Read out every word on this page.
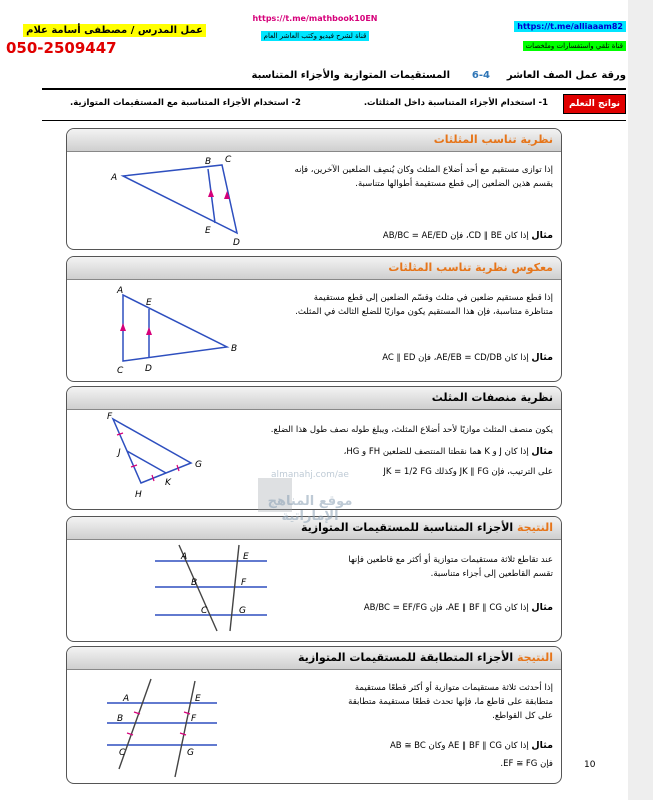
عمل المدرس / مصطفى أسامة علام
050-2509447
https://t.me/mathbook10EN
قناة لشرح فيديو وكتب العاشر العام
https://t.me/alliaaam82 قناة تلقي واستفسارات وملخصات
ورقة عمل الصف العاشر
6-4
المستقيمات المتوازية والأجزاء المتناسبة
نواتج التعلم
1- استخدام الأجزاء المتناسبة داخل المثلثات.
2- استخدام الأجزاء المتناسبة مع المستقيمات المتوازية.
نظرية تناسب المثلثات
إذا توازى مستقيم مع أحد أضلاع المثلث وكان يُنصِف الضلعين الآخرين، فإنه يقسم هذين الضلعين إلى قطع مستقيمة أطوالها متناسبة.
مثال إذا كان CD ∥ BE، فإن AB/BC = AE/ED
A
B C
E
D
معكوس نظرية تناسب المثلثات
إذا قطع مستقيم ضلعين في مثلث وقسّم الضلعين إلى قطع مستقيمة متناظرة متناسبة، فإن هذا المستقيم يكون موازيًا للضلع الثالث في المثلث.
مثال إذا كان AE/EB = CD/DB، فإن AC ∥ ED
A
E
C D
B
نظرية منصفات المثلث
يكون منصف المثلث موازيًا لأحد أضلاع المثلث، ويبلغ طوله نصف طول هذا الضلع.
مثال إذا كان J و K هما نقطتا المنتصف للضلعين FH و HG،
على الترتيب، فإن JK ∥ FG وكذلك JK = 1/2 FG
F
J
G
K
H
النتيجة الأجزاء المتناسبة للمستقيمات المتوازية
عند تقاطع ثلاثة مستقيمات متوازية أو أكثر مع قاطعين فإنها تقسم القاطعين إلى أجزاء متناسبة.
مثال إذا كان AE ∥ BF ∥ CG، فإن AB/BC = EF/FG
A
B
C
E
F
G
النتيجة الأجزاء المتطابقة للمستقيمات المتوازية
إذا أحدثت ثلاثة مستقيمات متوازية أو أكثر قطعًا مستقيمة متطابقة على قاطع ما، فإنها تحدث قطعًا مستقيمة متطابقة على كل القواطع.
مثال إذا كان AE ∥ BF ∥ CG وكان AB ≅ BC
فإن EF ≅ FG.
A
B
C
E
F
G
almanahj.com/ae
موقع المناهج الإماراتية
10
